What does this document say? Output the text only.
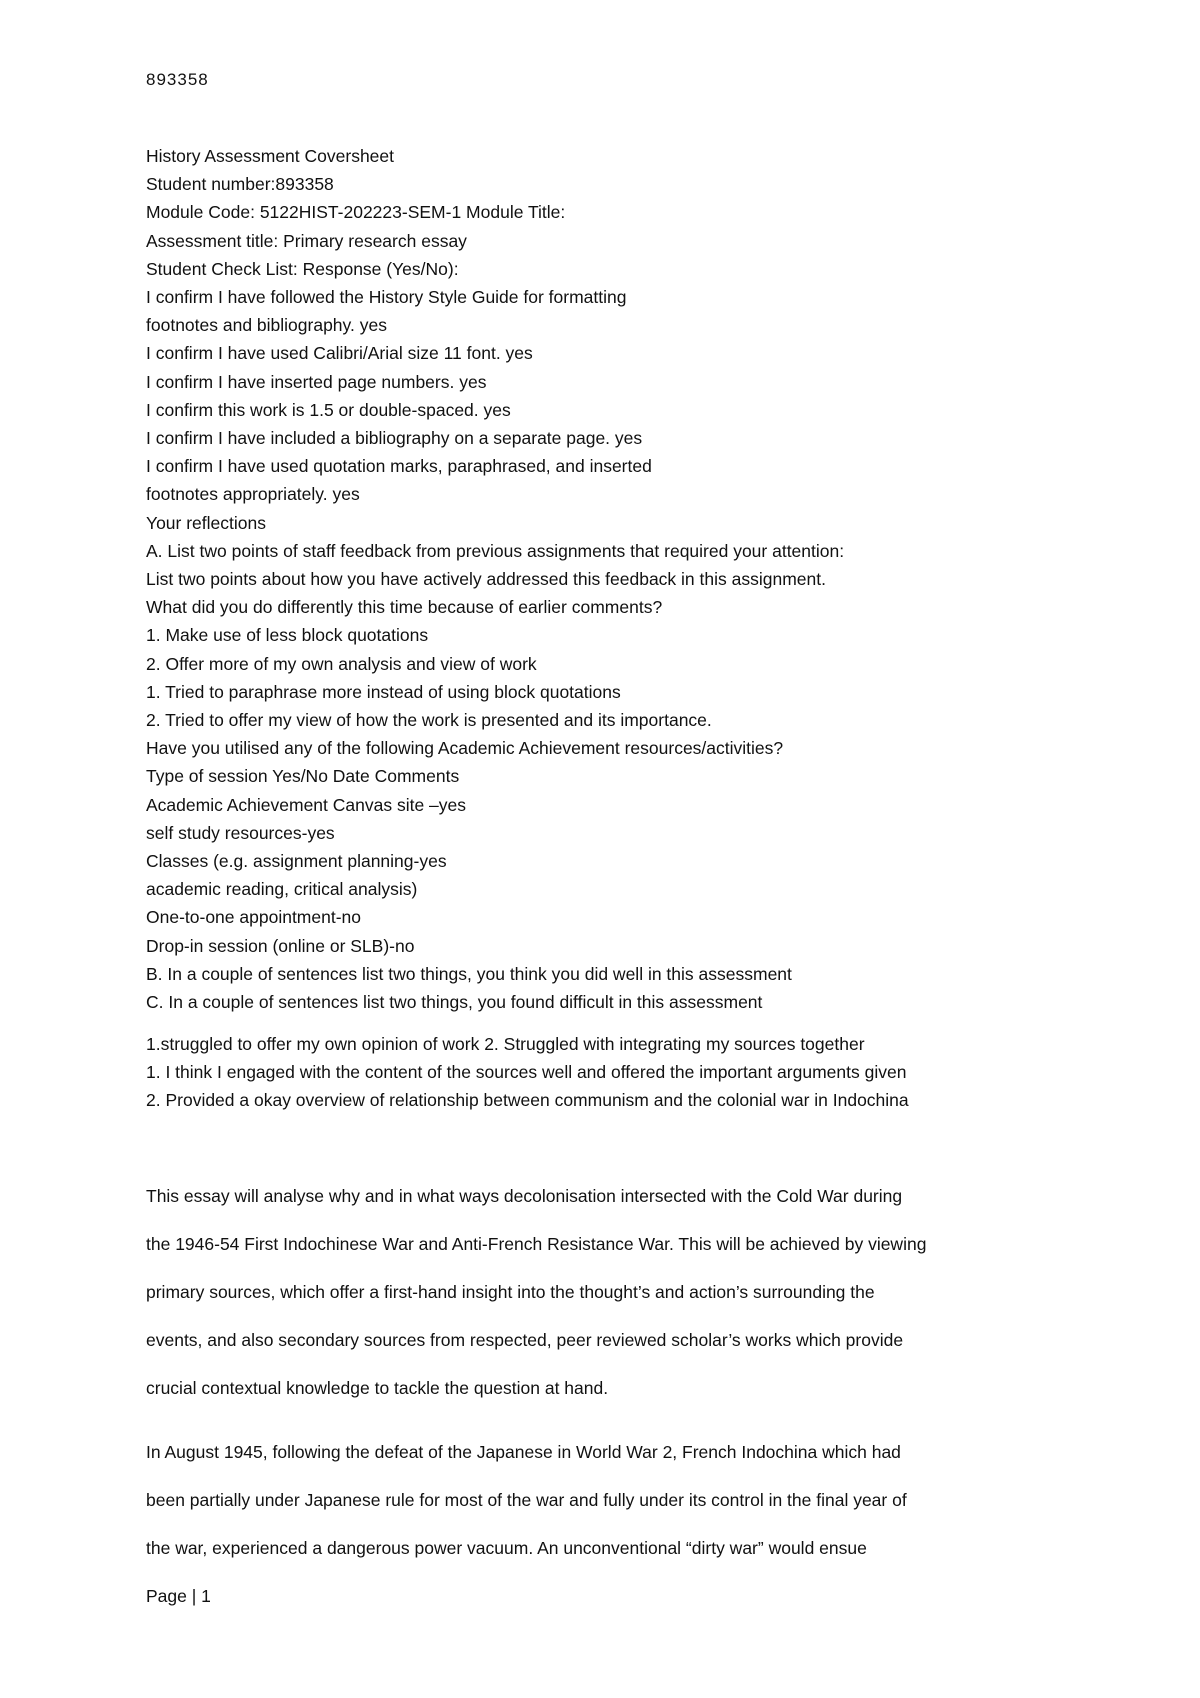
893358

History Assessment Coversheet

Student number:893358

Module Code: 5122HIST-202223-SEM-1 Module Title:

Assessment title: Primary research essay

Student Check List: Response (Yes/No):

I confirm I have followed the History Style Guide for formatting

footnotes and bibliography. yes

I confirm I have used Calibri/Arial size 11 font. yes

I confirm I have inserted page numbers. yes

I confirm this work is 1.5 or double-spaced. yes

I confirm I have included a bibliography on a separate page. yes

I confirm I have used quotation marks, paraphrased, and inserted

footnotes appropriately. yes

Your reflections

A. List two points of staff feedback from previous assignments that required your attention:

List two points about how you have actively addressed this feedback in this assignment.

What did you do differently this time because of earlier comments?

1. Make use of less block quotations

2. Offer more of my own analysis and view of work

1. Tried to paraphrase more instead of using block quotations

2. Tried to offer my view of how the work is presented and its importance.

Have you utilised any of the following Academic Achievement resources/activities?

Type of session Yes/No Date Comments

Academic Achievement Canvas site –yes

self study resources-yes

Classes (e.g. assignment planning-yes

academic reading, critical analysis)

One-to-one appointment-no

Drop-in session (online or SLB)-no

B. In a couple of sentences list two things, you think you did well in this assessment

C. In a couple of sentences list two things, you found difficult in this assessment

1.struggled to offer my own opinion of work 2. Struggled with integrating my sources together

1. I think I engaged with the content of the sources well and offered the important arguments given

2. Provided a okay overview of relationship between communism and the colonial war in Indochina

This essay will analyse why and in what ways decolonisation intersected with the Cold War during

the 1946-54 First Indochinese War and Anti-French Resistance War. This will be achieved by viewing

primary sources, which offer a first-hand insight into the thought’s and action’s surrounding the

events, and also secondary sources from respected, peer reviewed scholar’s works which provide

crucial contextual knowledge to tackle the question at hand.

In August 1945, following the defeat of the Japanese in World War 2, French Indochina which had

been partially under Japanese rule for most of the war and fully under its control in the final year of

the war, experienced a dangerous power vacuum. An unconventional “dirty war” would ensue

Page | 1
